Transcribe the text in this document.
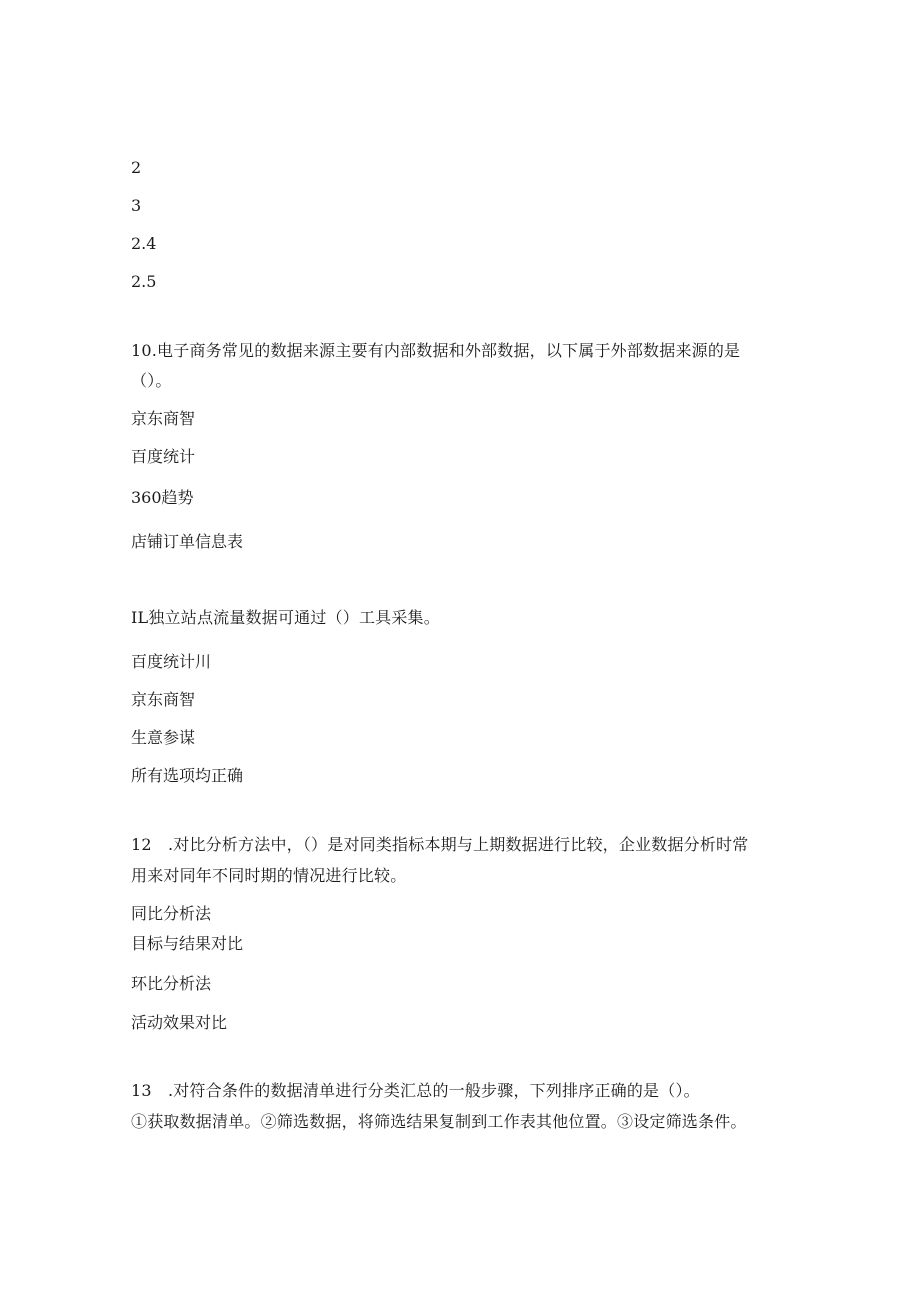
2
3
2.4
2.5
10.电子商务常见的数据来源主要有内部数据和外部数据，以下属于外部数据来源的是
（）。
京东商智
百度统计
360趋势
店铺订单信息表
IL独立站点流量数据可通过（）工具采集。
百度统计川
京东商智
生意参谋
所有选项均正确
12　.对比分析方法中，（）是对同类指标本期与上期数据进行比较，企业数据分析时常
用来对同年不同时期的情况进行比较。
同比分析法
目标与结果对比
环比分析法
活动效果对比
13　.对符合条件的数据清单进行分类汇总的一般步骤，下列排序正确的是（）。
①获取数据清单。②筛选数据，将筛选结果复制到工作表其他位置。③设定筛选条件。
